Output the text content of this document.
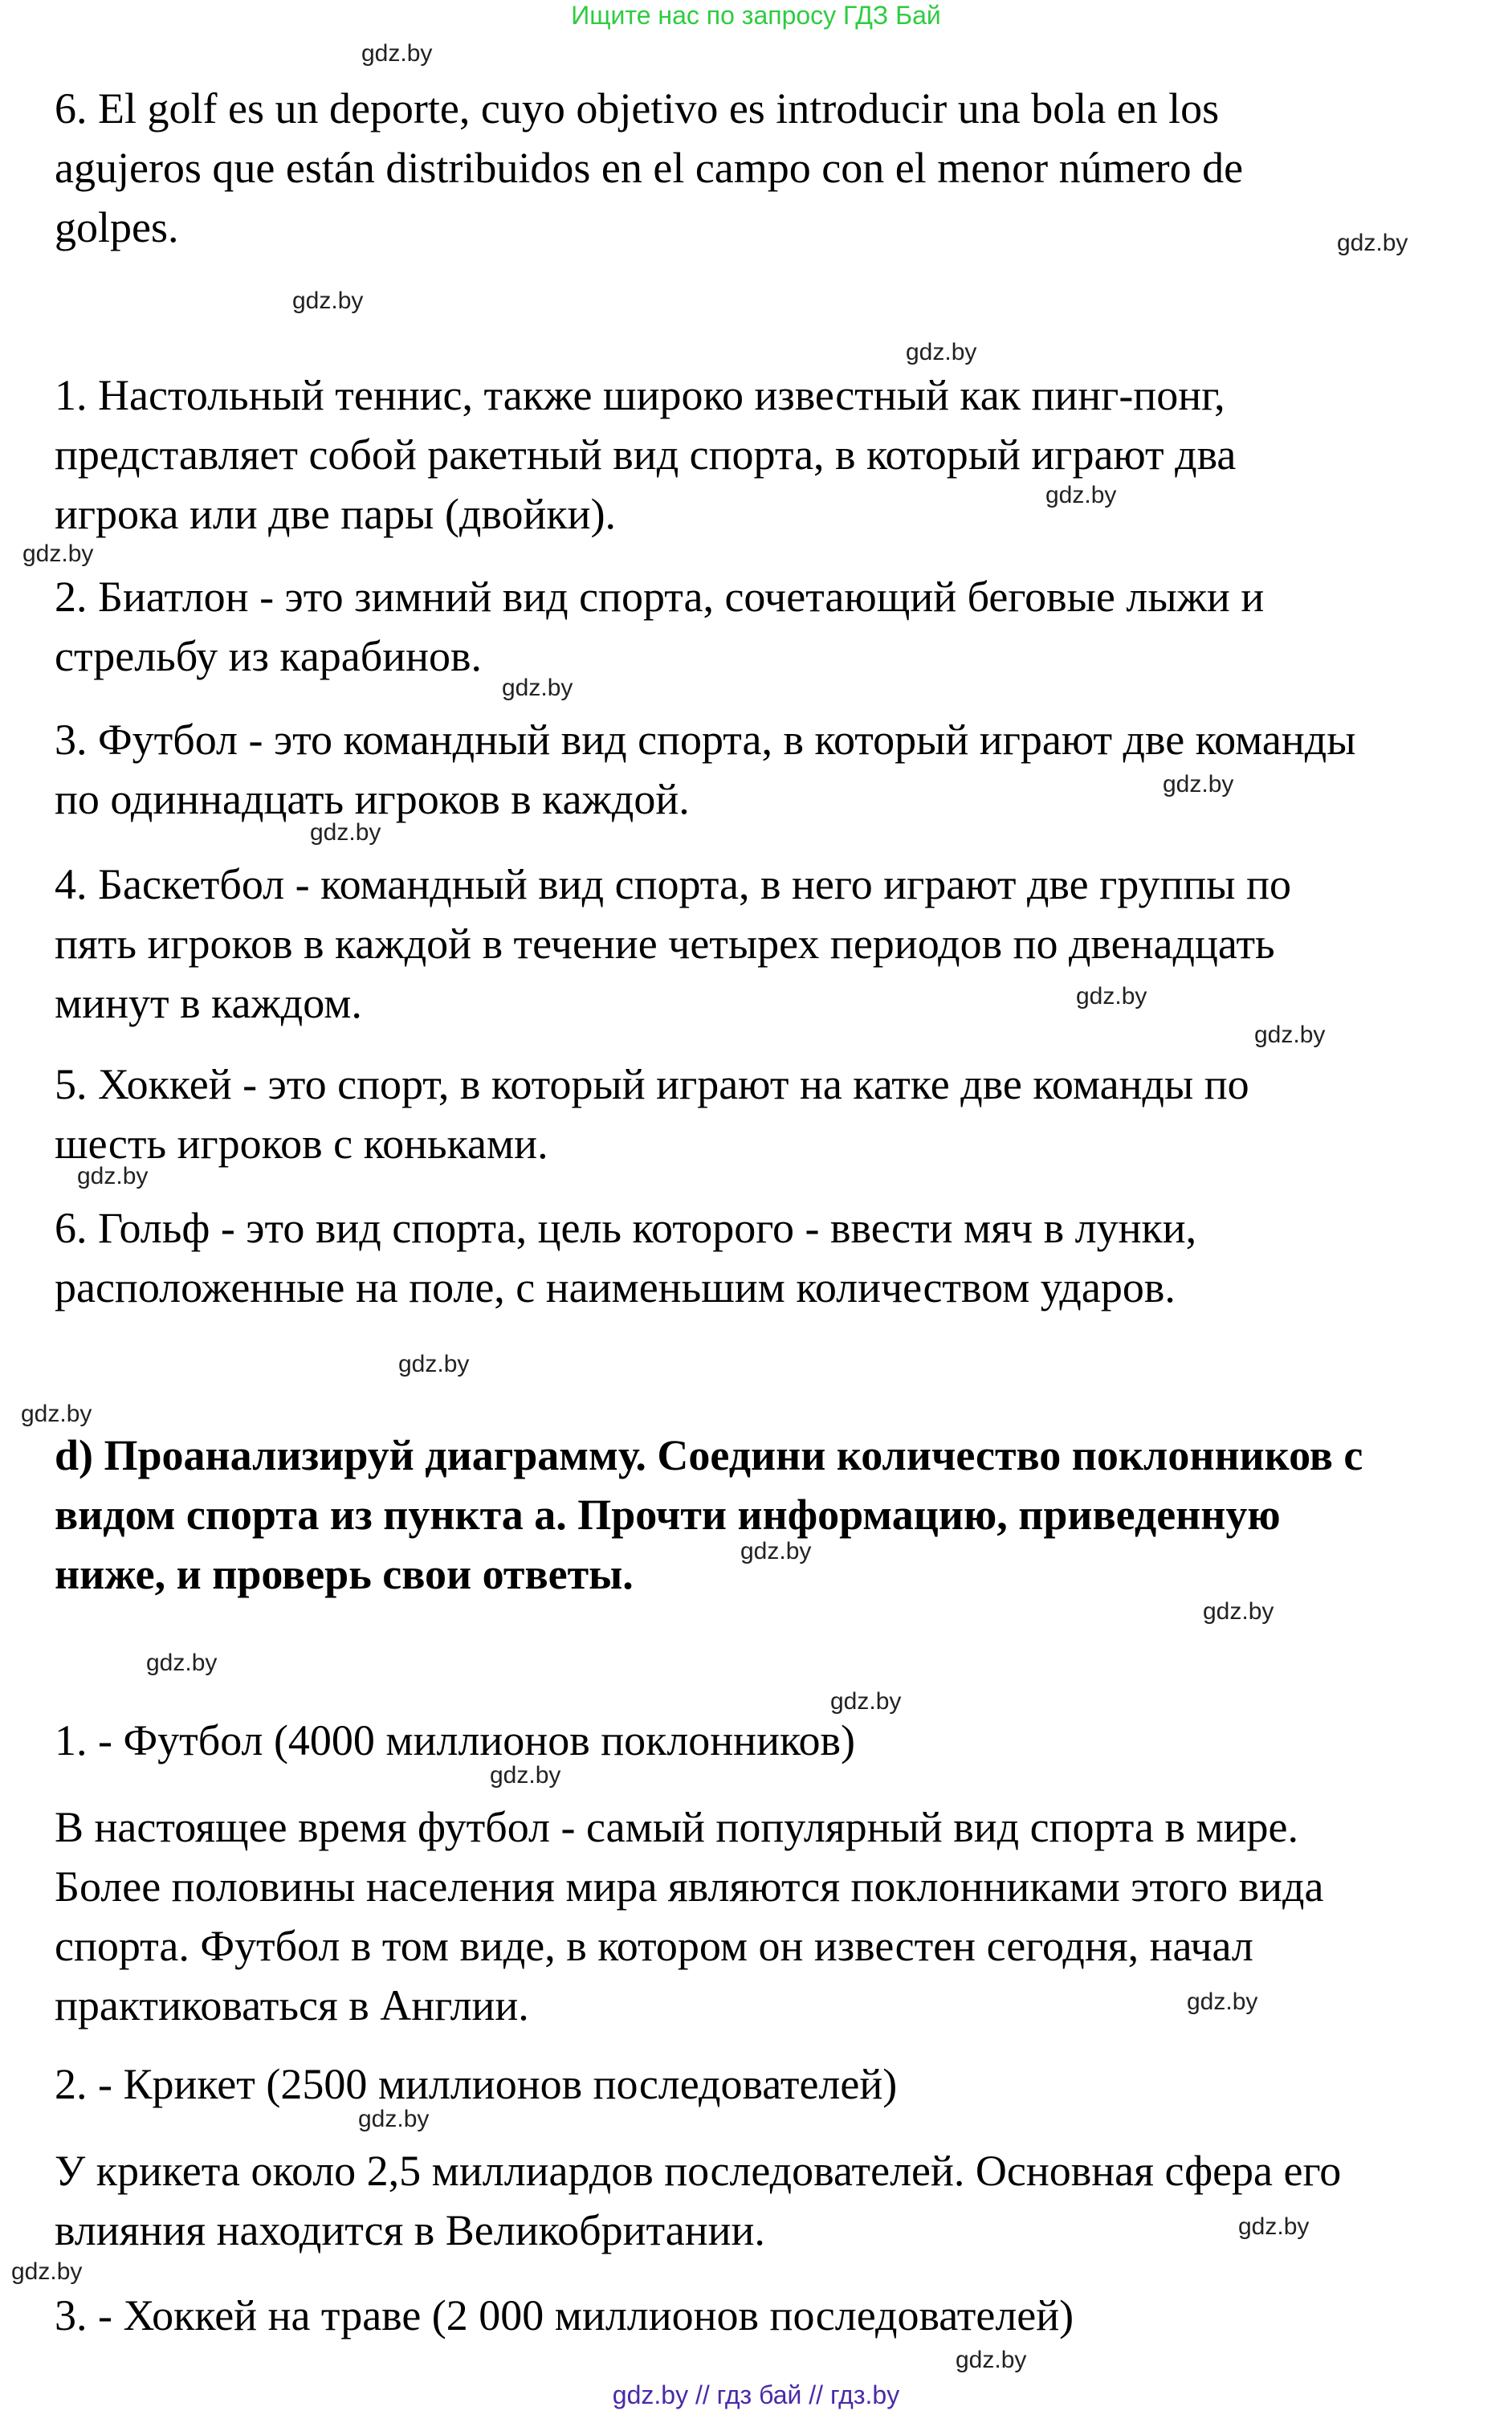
Ищите нас по запросу ГДЗ Бай

6. El golf es un deporte, cuyo objetivo es introducir una bola en los
agujeros que están distribuidos en el campo con el menor número de
golpes.

1. Настольный теннис, также широко известный как пинг-понг,
представляет собой ракетный вид спорта, в который играют два
игрока или две пары (двойки).

2. Биатлон - это зимний вид спорта, сочетающий беговые лыжи и
стрельбу из карабинов.

3. Футбол - это командный вид спорта, в который играют две команды
по одиннадцать игроков в каждой.

4. Баскетбол - командный вид спорта, в него играют две группы по
пять игроков в каждой в течение четырех периодов по двенадцать
минут в каждом.

5. Хоккей - это спорт, в который играют на катке две команды по
шесть игроков с коньками.

6. Гольф - это вид спорта, цель которого - ввести мяч в лунки,
расположенные на поле, с наименьшим количеством ударов.

d) Проанализируй диаграмму. Соедини количество поклонников с
видом спорта из пункта а. Прочти информацию, приведенную
ниже, и проверь свои ответы.

1. - Футбол (4000 миллионов поклонников)

В настоящее время футбол - самый популярный вид спорта в мире.
Более половины населения мира являются поклонниками этого вида
спорта. Футбол в том виде, в котором он известен сегодня, начал
практиковаться в Англии.

2. - Крикет (2500 миллионов последователей)

У крикета около 2,5 миллиардов последователей. Основная сфера его
влияния находится в Великобритании.

3. - Хоккей на траве (2 000 миллионов последователей)

gdz.by
gdz.by
gdz.by
gdz.by
gdz.by
gdz.by
gdz.by
gdz.by
gdz.by
gdz.by
gdz.by
gdz.by
gdz.by
gdz.by
gdz.by
gdz.by
gdz.by
gdz.by
gdz.by
gdz.by
gdz.by
gdz.by
gdz.by
gdz.by
gdz.by // гдз бай // гдз.by
